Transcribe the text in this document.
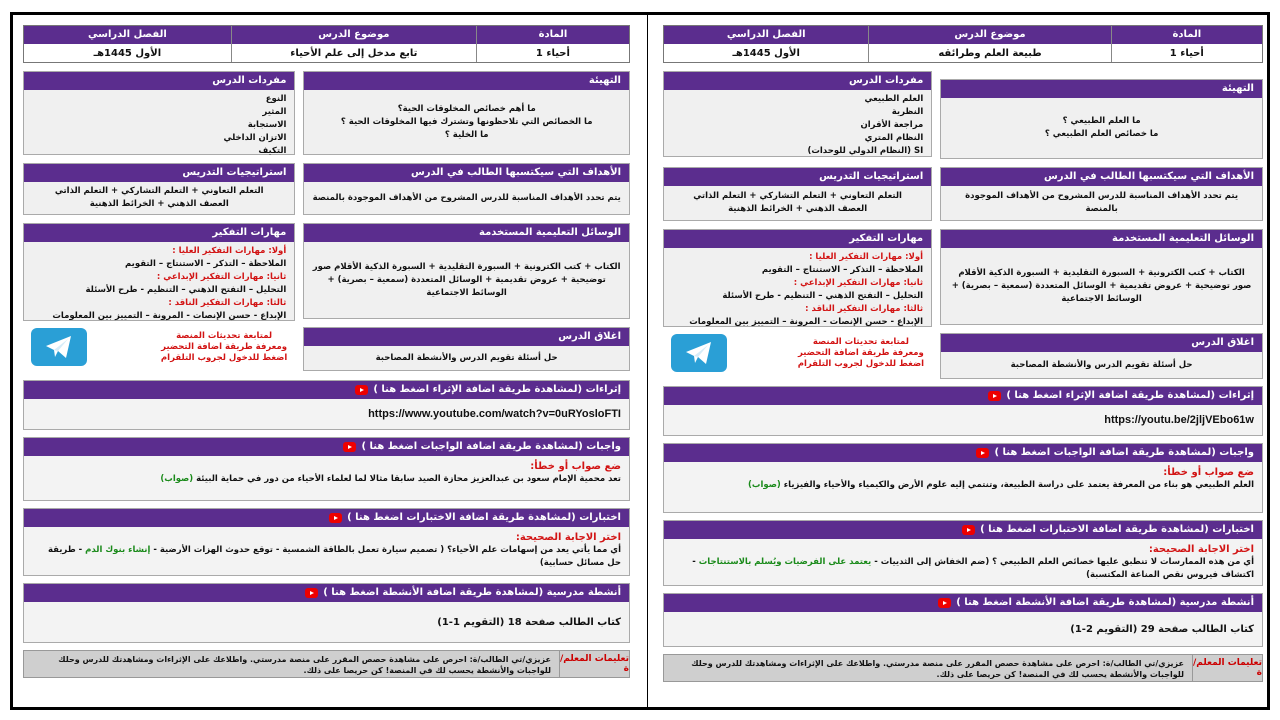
المادة
أحياء 1
موضوع الدرس
طبيعة العلم وطرائقه
الفصل الدراسي
الأول 1445هـ
التهيئة
ما العلم الطبيعي ؟
ما خصائص العلم الطبيعي ؟
مفردات الدرس
العلم الطبيعي
النظرية
مراجعة الأقران
النظام المتري
SI (النظام الدولي للوحدات)
الأهداف التي سيكتسبها الطالب في الدرس
يتم تحدد الأهداف المناسبة للدرس المشروح من الأهداف الموجودة بالمنصة
استراتيجيات التدريس
التعلم التعاوني + التعلم التشاركي + التعلم الذاتي
العصف الذهني + الخرائط الذهنية
الوسائل التعليمية المستخدمة
الكتاب + كتب الكترونية + السبورة التقليدية + السبورة الذكية الأقلام صور توضيحية + عروض تقديمية + الوسائل المتعددة (سمعية – بصرية) + الوسائط الاجتماعية
اغلاق الدرس
حل أسئلة تقويم الدرس والأنشطة المصاحبة
مهارات التفكير
أولا: مهارات التفكير العليا :
الملاحظة – التذكر – الاستنتاج – التقويم
ثانيا: مهارات التفكير الإبداعي :
التحليل – التفتح الذهني – التنظيم - طرح الأسئلة
ثالثا: مهارات التفكير الناقد :
الإبداع - حسن الإنصات - المرونة – التمييز بين المعلومات
لمتابعة تحديثات المنصة
ومعرفة طريقة اضافة التحضير
اضغط للدخول لجروب التلقرام
إثراءات (لمشاهدة طريقة اضافة الإثراء اضغط هنا )
https://youtu.be/2jljVEbo61w
واجبات (لمشاهدة طريقة اضافة الواجبات اضغط هنا )
ضع صواب أو خطأ:
العلم الطبيعي هو بناء من المعرفة يعتمد على دراسة الطبيعة، وتنتمي إليه علوم الأرض والكيمياء والأحياء والفيزياء (صواب)
اختبارات (لمشاهدة طريقة اضافة الاختبارات اضغط هنا )
اختر الاجابة الصحيحة:
أي من هذه الممارسات لا تنطبق عليها خصائص العلم الطبيعي ؟ (ضم الخفاش إلى الثدييات - يعتمد على الفرضيات ويُسلم بالاستنتاجات - اكتشاف فيروس نقص المناعة المكتسبة)
أنشطة مدرسية (لمشاهدة طريقة اضافة الأنشطة اضغط هنا )
كتاب الطالب صفحة 29 (التقويم 2-1)
تعليمات المعلم/ة
عزيزي/تي الطالب/ة: احرص على مشاهدة حصص المقرر على منصة مدرستي. واطلاعك على الإثراءات ومشاهدتك للدرس وحلك للواجبات والأنشطة يحسب لك في المنصة! كن حريصا على ذلك.
المادة
أحياء 1
موضوع الدرس
تابع مدخل إلى علم الأحياء
الفصل الدراسي
الأول 1445هـ
التهيئة
ما أهم خصائص المخلوقات الحية؟
ما الخصائص التي تلاحظونها وتشترك فيها المخلوقات الحية ؟
ما الخلية ؟
مفردات الدرس
النوع
المثير
الاستجابة
الاتزان الداخلي
التكيف
الأهداف التي سيكتسبها الطالب في الدرس
يتم تحدد الأهداف المناسبة للدرس المشروح من الأهداف الموجودة بالمنصة
استراتيجيات التدريس
التعلم التعاوني + التعلم التشاركي + التعلم الذاتي
العصف الذهني + الخرائط الذهنية
الوسائل التعليمية المستخدمة
الكتاب + كتب الكترونية + السبورة التقليدية + السبورة الذكية الأقلام صور توضيحية + عروض تقديمية + الوسائل المتعددة (سمعية – بصرية) + الوسائط الاجتماعية
اغلاق الدرس
حل أسئلة تقويم الدرس والأنشطة المصاحبة
مهارات التفكير
أولا: مهارات التفكير العليا :
الملاحظة – التذكر – الاستنتاج – التقويم
ثانيا: مهارات التفكير الإبداعي :
التحليل – التفتح الذهني – التنظيم - طرح الأسئلة
ثالثا: مهارات التفكير الناقد :
الإبداع - حسن الإنصات - المرونة – التمييز بين المعلومات
لمتابعة تحديثات المنصة
ومعرفة طريقة اضافة التحضير
اضغط للدخول لجروب التلقرام
إثراءات (لمشاهدة طريقة اضافة الإثراء اضغط هنا )
https://www.youtube.com/watch?v=0uRYosloFTI
واجبات (لمشاهدة طريقة اضافة الواجبات اضغط هنا )
ضع صواب أو خطأ:
تعد محمية الإمام سعود بن عبدالعزيز محازة الصيد سابقا مثالا لما لعلماء الأحياء من دور في حماية البيئة (صواب)
اختبارات (لمشاهدة طريقة اضافة الاختبارات اضغط هنا )
اختر الاجابة الصحيحة:
أي مما يأتي يعد من إسهامات علم الأحياء؟ ( تصميم سيارة تعمل بالطاقة الشمسية - توقع حدوث الهزات الأرضية - إنشاء بنوك الدم - طريقة حل مسائل حسابية)
أنشطة مدرسية (لمشاهدة طريقة اضافة الأنشطة اضغط هنا )
كتاب الطالب صفحة 18 (التقويم 1-1)
تعليمات المعلم/ة
عزيزي/تي الطالب/ة: احرص على مشاهدة حصص المقرر على منصة مدرستي. واطلاعك على الإثراءات ومشاهدتك للدرس وحلك للواجبات والأنشطة يحسب لك في المنصة! كن حريصا على ذلك.
